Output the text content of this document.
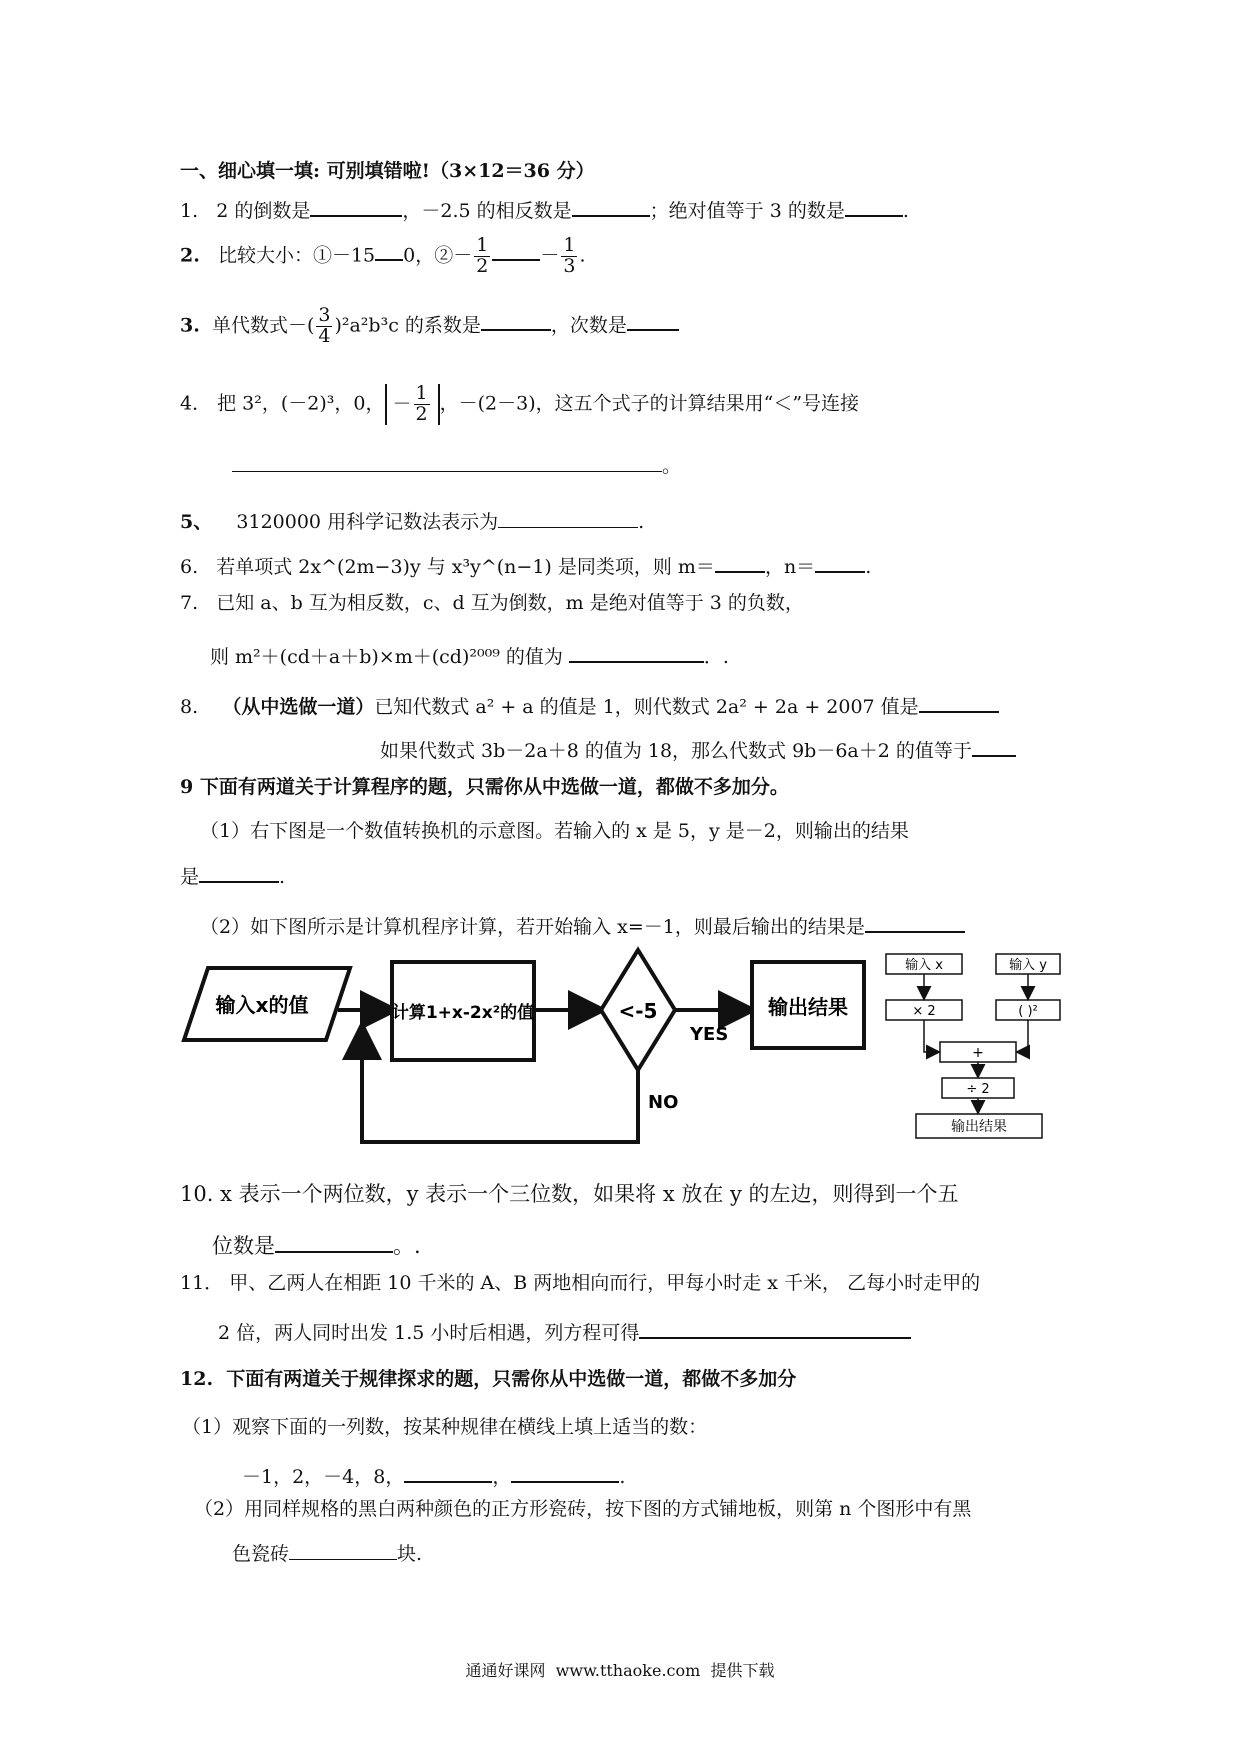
一、细心填一填: 可别填错啦!（3×12＝36 分）
1. 2 的倒数是	，－2.5 的相反数是	；绝对值等于 3 的数是	.
2. 比较大小：①－15 0，②－ $\frac{1}{2}$	－ $\frac{1}{3}$ .
3. 单代数式－( $\frac{3}{4} )^2a^2b^3c$ 的系数是	，次数是
4． 把 3²，(－2)³，0， － $\frac{1}{2}$ ，－(2－3)，这五个式子的计算结果用“＜”号连接
。
5、 3120000 用科学记数法表示为	.
6. 若单项式 2x^(2m−3)y 与 x³y^(n−1) 是同类项，则 m＝	，n＝	.
7. 已知 a、b 互为相反数，c、d 互为倒数，m 是绝对值等于 3 的负数，
则 m²＋(cd＋a＋b)×m＋(cd)²⁰⁰⁹ 的值为	．.
8. （从中选做一道）已知代数式 a² + a 的值是 1，则代数式 2a² + 2a + 2007 值是
如果代数式 3b－2a＋8 的值为 18，那么代数式 9b－6a＋2 的值等于
9 下面有两道关于计算程序的题，只需你从中选做一道，都做不多加分。
（1）右下图是一个数值转换机的示意图。若输入的 x 是 5，y 是－2，则输出的结果
是	.
（2）如下图所示是计算机程序计算，若开始输入 x=－1，则最后输出的结果是
输入x的值	计算1+x-2x²的值	<-5
YES
输出结果
NO
输入 x	输入 y
× 2	( )²
+
÷ 2
输出结果
10. x 表示一个两位数，y 表示一个三位数，如果将 x 放在 y 的左边，则得到一个五
位数是	。.
11． 甲、乙两人在相距 10 千米的 A、B 两地相向而行，甲每小时走 x 千米， 乙每小时走甲的
2 倍，两人同时出发 1.5 小时后相遇，列方程可得
12. 下面有两道关于规律探求的题，只需你从中选做一道，都做不多加分
（1）观察下面的一列数，按某种规律在横线上填上适当的数：
－1，2，－4，8，	，	.
（2）用同样规格的黑白两种颜色的正方形瓷砖，按下图的方式铺地板，则第 n 个图形中有黑
色瓷砖	块.
通通好课网  www.tthaoke.com  提供下载
